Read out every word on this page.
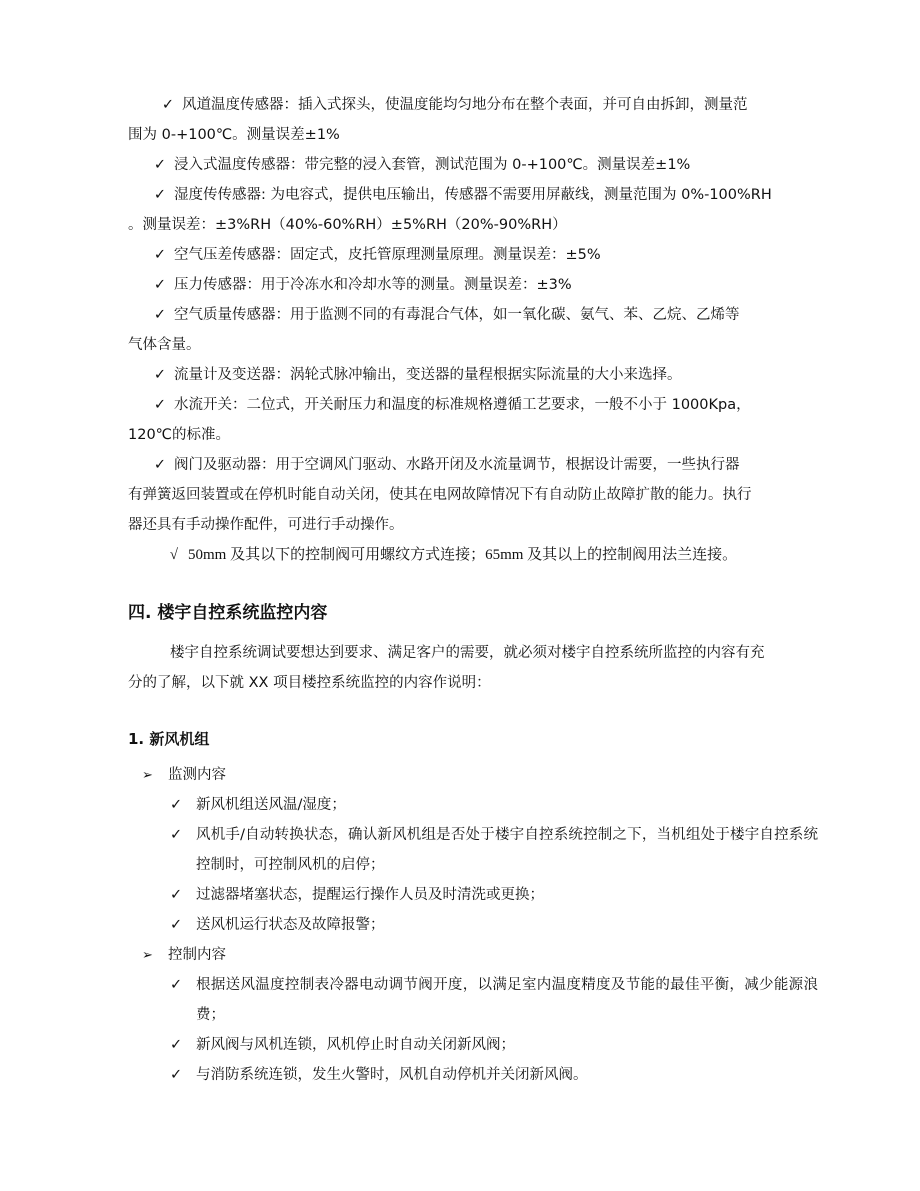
✓ 风道温度传感器：插入式探头，使温度能均匀地分布在整个表面，并可自由拆卸，测量范
围为 0-+100℃。测量误差±1%

✓ 浸入式温度传感器：带完整的浸入套管，测试范围为 0-+100℃。测量误差±1%

✓ 湿度传传感器: 为电容式，提供电压输出，传感器不需要用屏蔽线，测量范围为 0%-100%RH
。测量误差：±3%RH（40%-60%RH）±5%RH（20%-90%RH）

✓ 空气压差传感器：固定式，皮托管原理测量原理。测量误差：±5%

✓ 压力传感器：用于冷冻水和冷却水等的测量。测量误差：±3%

✓ 空气质量传感器：用于监测不同的有毒混合气体，如一氧化碳、氨气、苯、乙烷、乙烯等
气体含量。

✓ 流量计及变送器：涡轮式脉冲输出，变送器的量程根据实际流量的大小来选择。

✓ 水流开关：二位式，开关耐压力和温度的标准规格遵循工艺要求，一般不小于 1000Kpa，
120℃的标准。

✓ 阀门及驱动器：用于空调风门驱动、水路开闭及水流量调节，根据设计需要，一些执行器
有弹簧返回装置或在停机时能自动关闭，使其在电网故障情况下有自动防止故障扩散的能力。执行
器还具有手动操作配件，可进行手动操作。

√ 50mm 及其以下的控制阀可用螺纹方式连接；65mm 及其以上的控制阀用法兰连接。

四. 楼宇自控系统监控内容

楼宇自控系统调试要想达到要求、满足客户的需要，就必须对楼宇自控系统所监控的内容有充
分的了解，以下就 XX 项目楼控系统监控的内容作说明：

1. 新风机组
➢ 监测内容
✓ 新风机组送风温/湿度；
✓ 风机手/自动转换状态，确认新风机组是否处于楼宇自控系统控制之下，当机组处于楼宇自控系统控制时，可控制风机的启停；
✓ 过滤器堵塞状态，提醒运行操作人员及时清洗或更换；
✓ 送风机运行状态及故障报警；
➢ 控制内容
✓ 根据送风温度控制表冷器电动调节阀开度，以满足室内温度精度及节能的最佳平衡，减少能源浪费；
✓ 新风阀与风机连锁，风机停止时自动关闭新风阀；
✓ 与消防系统连锁，发生火警时，风机自动停机并关闭新风阀。
